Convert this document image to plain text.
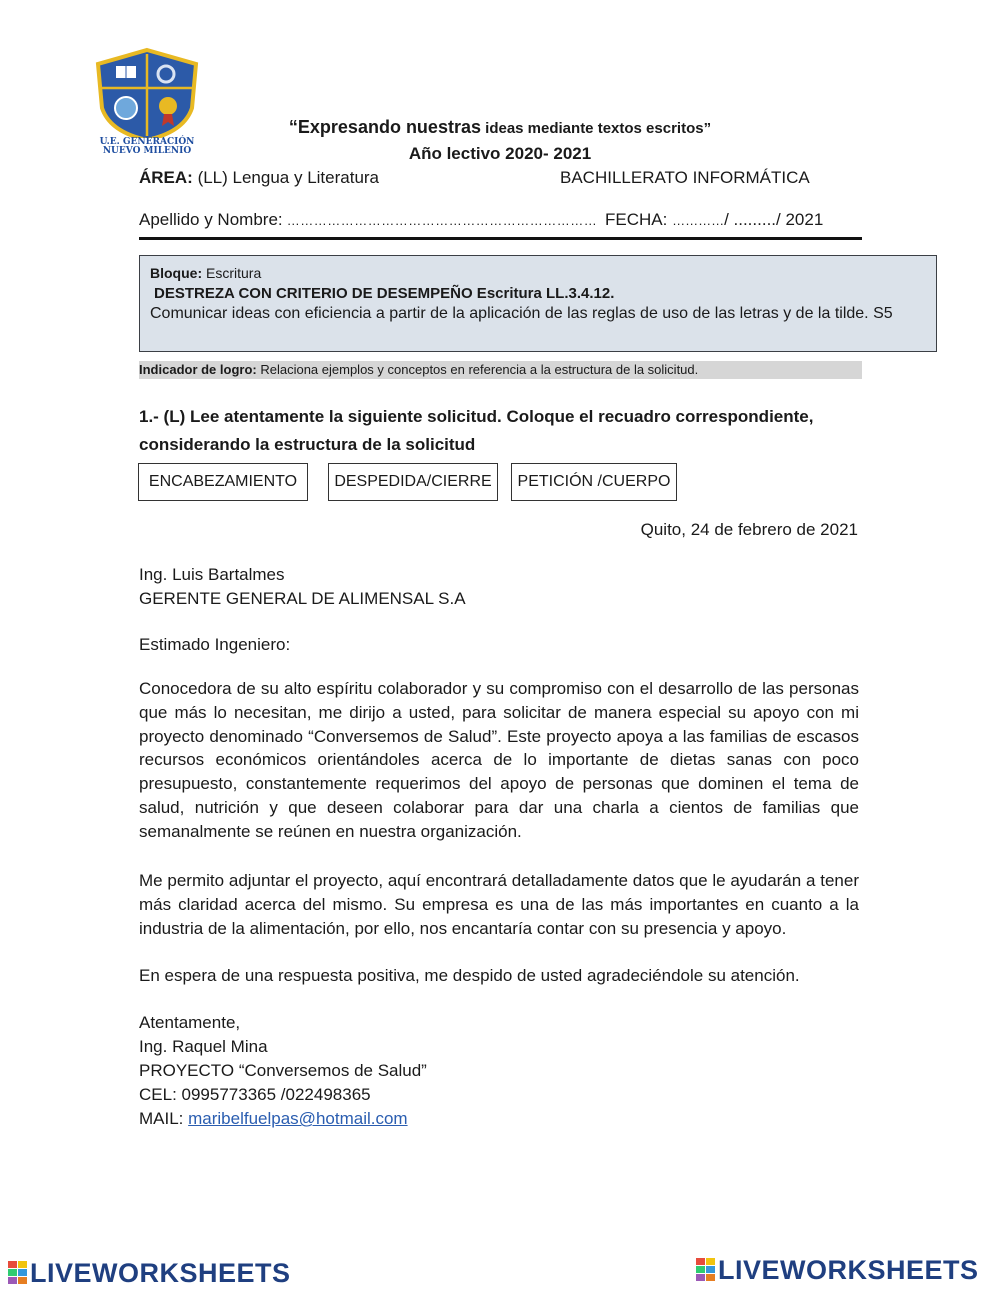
U.E. GENERACIÓN NUEVO MILENIO
“Expresando nuestras ideas mediante textos escritos”
Año lectivo 2020- 2021
ÁREA: (LL) Lengua y Literatura	BACHILLERATO INFORMÁTICA
Apellido y Nombre: …………………………………………………………… FECHA: …………/ ........./ 2021
Bloque: Escritura
DESTREZA CON CRITERIO DE DESEMPEÑO Escritura LL.3.4.12.
Comunicar ideas con eficiencia a partir de la aplicación de las reglas de uso de las letras y de la tilde. S5
Indicador de logro: Relaciona ejemplos y conceptos en referencia a la estructura de la solicitud.
1.- (L) Lee atentamente la siguiente solicitud. Coloque el recuadro correspondiente,
considerando la estructura de la solicitud
ENCABEZAMIENTO	DESPEDIDA/CIERRE	PETICIÓN /CUERPO
Quito, 24 de febrero de 2021
Ing. Luis Bartalmes
GERENTE GENERAL DE ALIMENSAL S.A
Estimado Ingeniero:
Conocedora de su alto espíritu colaborador y su compromiso con el desarrollo de las personas que más lo necesitan, me dirijo a usted, para solicitar de manera especial su apoyo con mi proyecto denominado “Conversemos de Salud”. Este proyecto apoya a las familias de escasos recursos económicos orientándoles acerca de lo importante de dietas sanas con poco presupuesto, constantemente requerimos del apoyo de personas que dominen el tema de salud, nutrición y que deseen colaborar para dar una charla a cientos de familias que semanalmente se reúnen en nuestra organización.
Me permito adjuntar el proyecto, aquí encontrará detalladamente datos que le ayudarán a tener más claridad acerca del mismo. Su empresa es una de las más importantes en cuanto a la industria de la alimentación, por ello, nos encantaría contar con su presencia y apoyo.
En espera de una respuesta positiva, me despido de usted agradeciéndole su atención.
Atentamente,
Ing. Raquel Mina
PROYECTO “Conversemos de Salud”
CEL: 0995773365 /022498365
MAIL: maribelfuelpas@hotmail.com
LIVEWORKSHEETS	LIVEWORKSHEETS
